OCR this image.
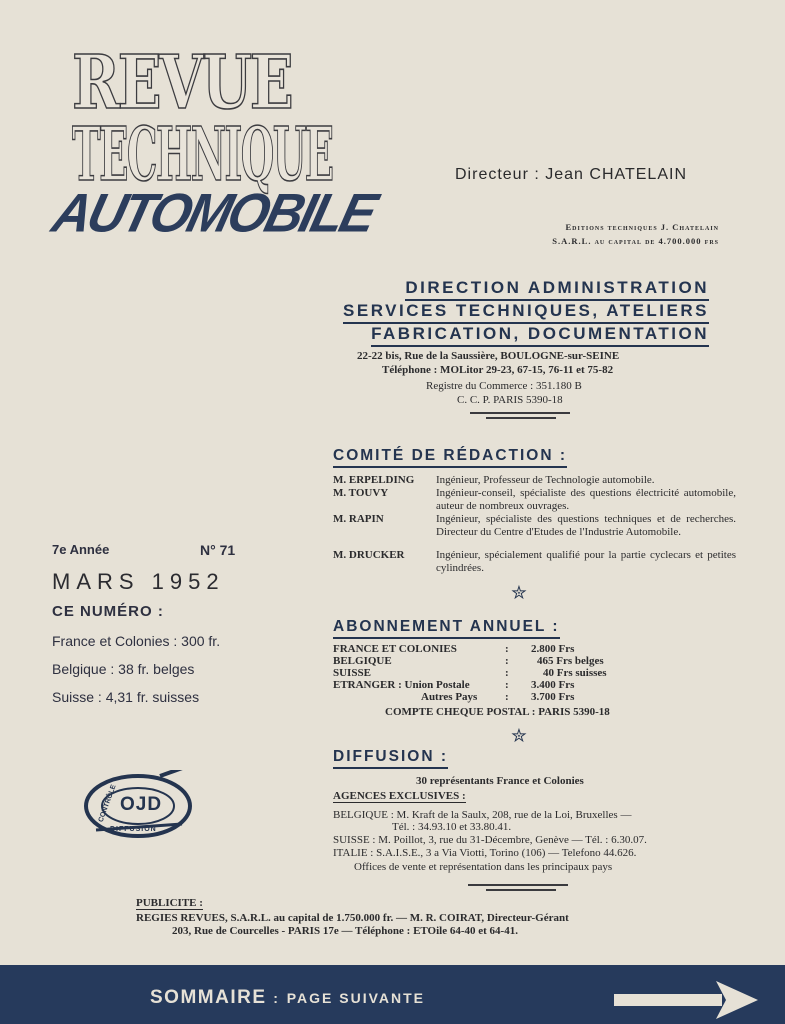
REVUE
TECHNIQUE
AUTOMOBILE
Directeur : Jean CHATELAIN
Editions techniques J. Chatelain
S.A.R.L. au capital de 4.700.000 frs
DIRECTION ADMINISTRATION
SERVICES TECHNIQUES, ATELIERS
FABRICATION, DOCUMENTATION
22-22 bis, Rue de la Saussière, BOULOGNE-sur-SEINE
Téléphone : MOLitor 29-23, 67-15, 76-11 et 75-82
Registre du Commerce : 351.180 B
C. C. P. PARIS 5390-18
COMITÉ DE RÉDACTION :
M. ERPELDING Ingénieur, Professeur de Technologie automobile.
M. TOUVY	Ingénieur-conseil, spécialiste des questions électricité automobile, auteur de nombreux ouvrages.
M. RAPIN	Ingénieur, spécialiste des questions techniques et de recherches. Directeur du Centre d'Etudes de l'Industrie Automobile.
M. DRUCKER	Ingénieur, spécialement qualifié pour la partie cyclecars et petites cylindrées.
✮
ABONNEMENT ANNUEL :
FRANCE ET COLONIES	: 2.800 Frs
BELGIQUE	:	465 Frs belges
SUISSE	:	40 Frs suisses
ETRANGER : Union Postale	: 3.400 Frs
Autres Pays	: 3.700 Frs
COMPTE CHEQUE POSTAL : PARIS 5390-18
✮
DIFFUSION :
30 représentants France et Colonies
AGENCES EXCLUSIVES :
BELGIQUE : M. Kraft de la Saulx, 208, rue de la Loi, Bruxelles —
Tél. : 34.93.10 et 33.80.41.
SUISSE : M. Poillot, 3, rue du 31-Décembre, Genève — Tél. : 6.30.07.
ITALIE : S.A.I.S.E., 3 a Via Viotti, Torino (106) — Telefono 44.626.
Offices de vente et représentation dans les principaux pays
7e Année	N° 71
MARS 1952
CE NUMÉRO :
France et Colonies : 300 fr.
Belgique : 38 fr. belges
Suisse : 4,31 fr. suisses
OJD
CONTRÔLE
DIFFUSION
PUBLICITE :
REGIES REVUES, S.A.R.L. au capital de 1.750.000 fr. — M. R. COIRAT, Directeur-Gérant
203, Rue de Courcelles - PARIS 17e — Téléphone : ETOile 64-40 et 64-41.
SOMMAIRE : PAGE SUIVANTE
